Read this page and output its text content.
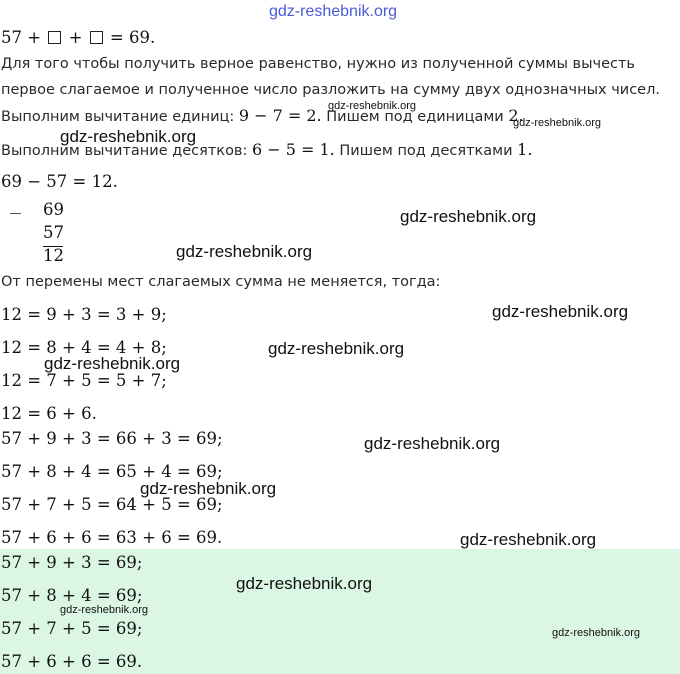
gdz-reshebnik.org
57 + + = 69.
Для того чтобы получить верное равенство, нужно из полученной суммы вычесть
первое слагаемое и полученное число разложить на сумму двух однозначных чисел.
Выполним вычитание единиц: 9 − 7 = 2. Пишем под единицами 2.
Выполним вычитание десятков: 6 − 5 = 1. Пишем под десятками 1.
69 − 57 = 12.
69
57
12
От перемены мест слагаемых сумма не меняется, тогда:
12 = 9 + 3 = 3 + 9;
12 = 8 + 4 = 4 + 8;
12 = 7 + 5 = 5 + 7;
12 = 6 + 6.
57 + 9 + 3 = 66 + 3 = 69;
57 + 8 + 4 = 65 + 4 = 69;
57 + 7 + 5 = 64 + 5 = 69;
57 + 6 + 6 = 63 + 6 = 69.
57 + 9 + 3 = 69;
57 + 8 + 4 = 69;
57 + 7 + 5 = 69;
57 + 6 + 6 = 69.
gdz-reshebnik.org
gdz-reshebnik.org
gdz-reshebnik.org
gdz-reshebnik.org
gdz-reshebnik.org
gdz-reshebnik.org
gdz-reshebnik.org
gdz-reshebnik.org
gdz-reshebnik.org
gdz-reshebnik.org
gdz-reshebnik.org
gdz-reshebnik.org
gdz-reshebnik.org
gdz-reshebnik.org
